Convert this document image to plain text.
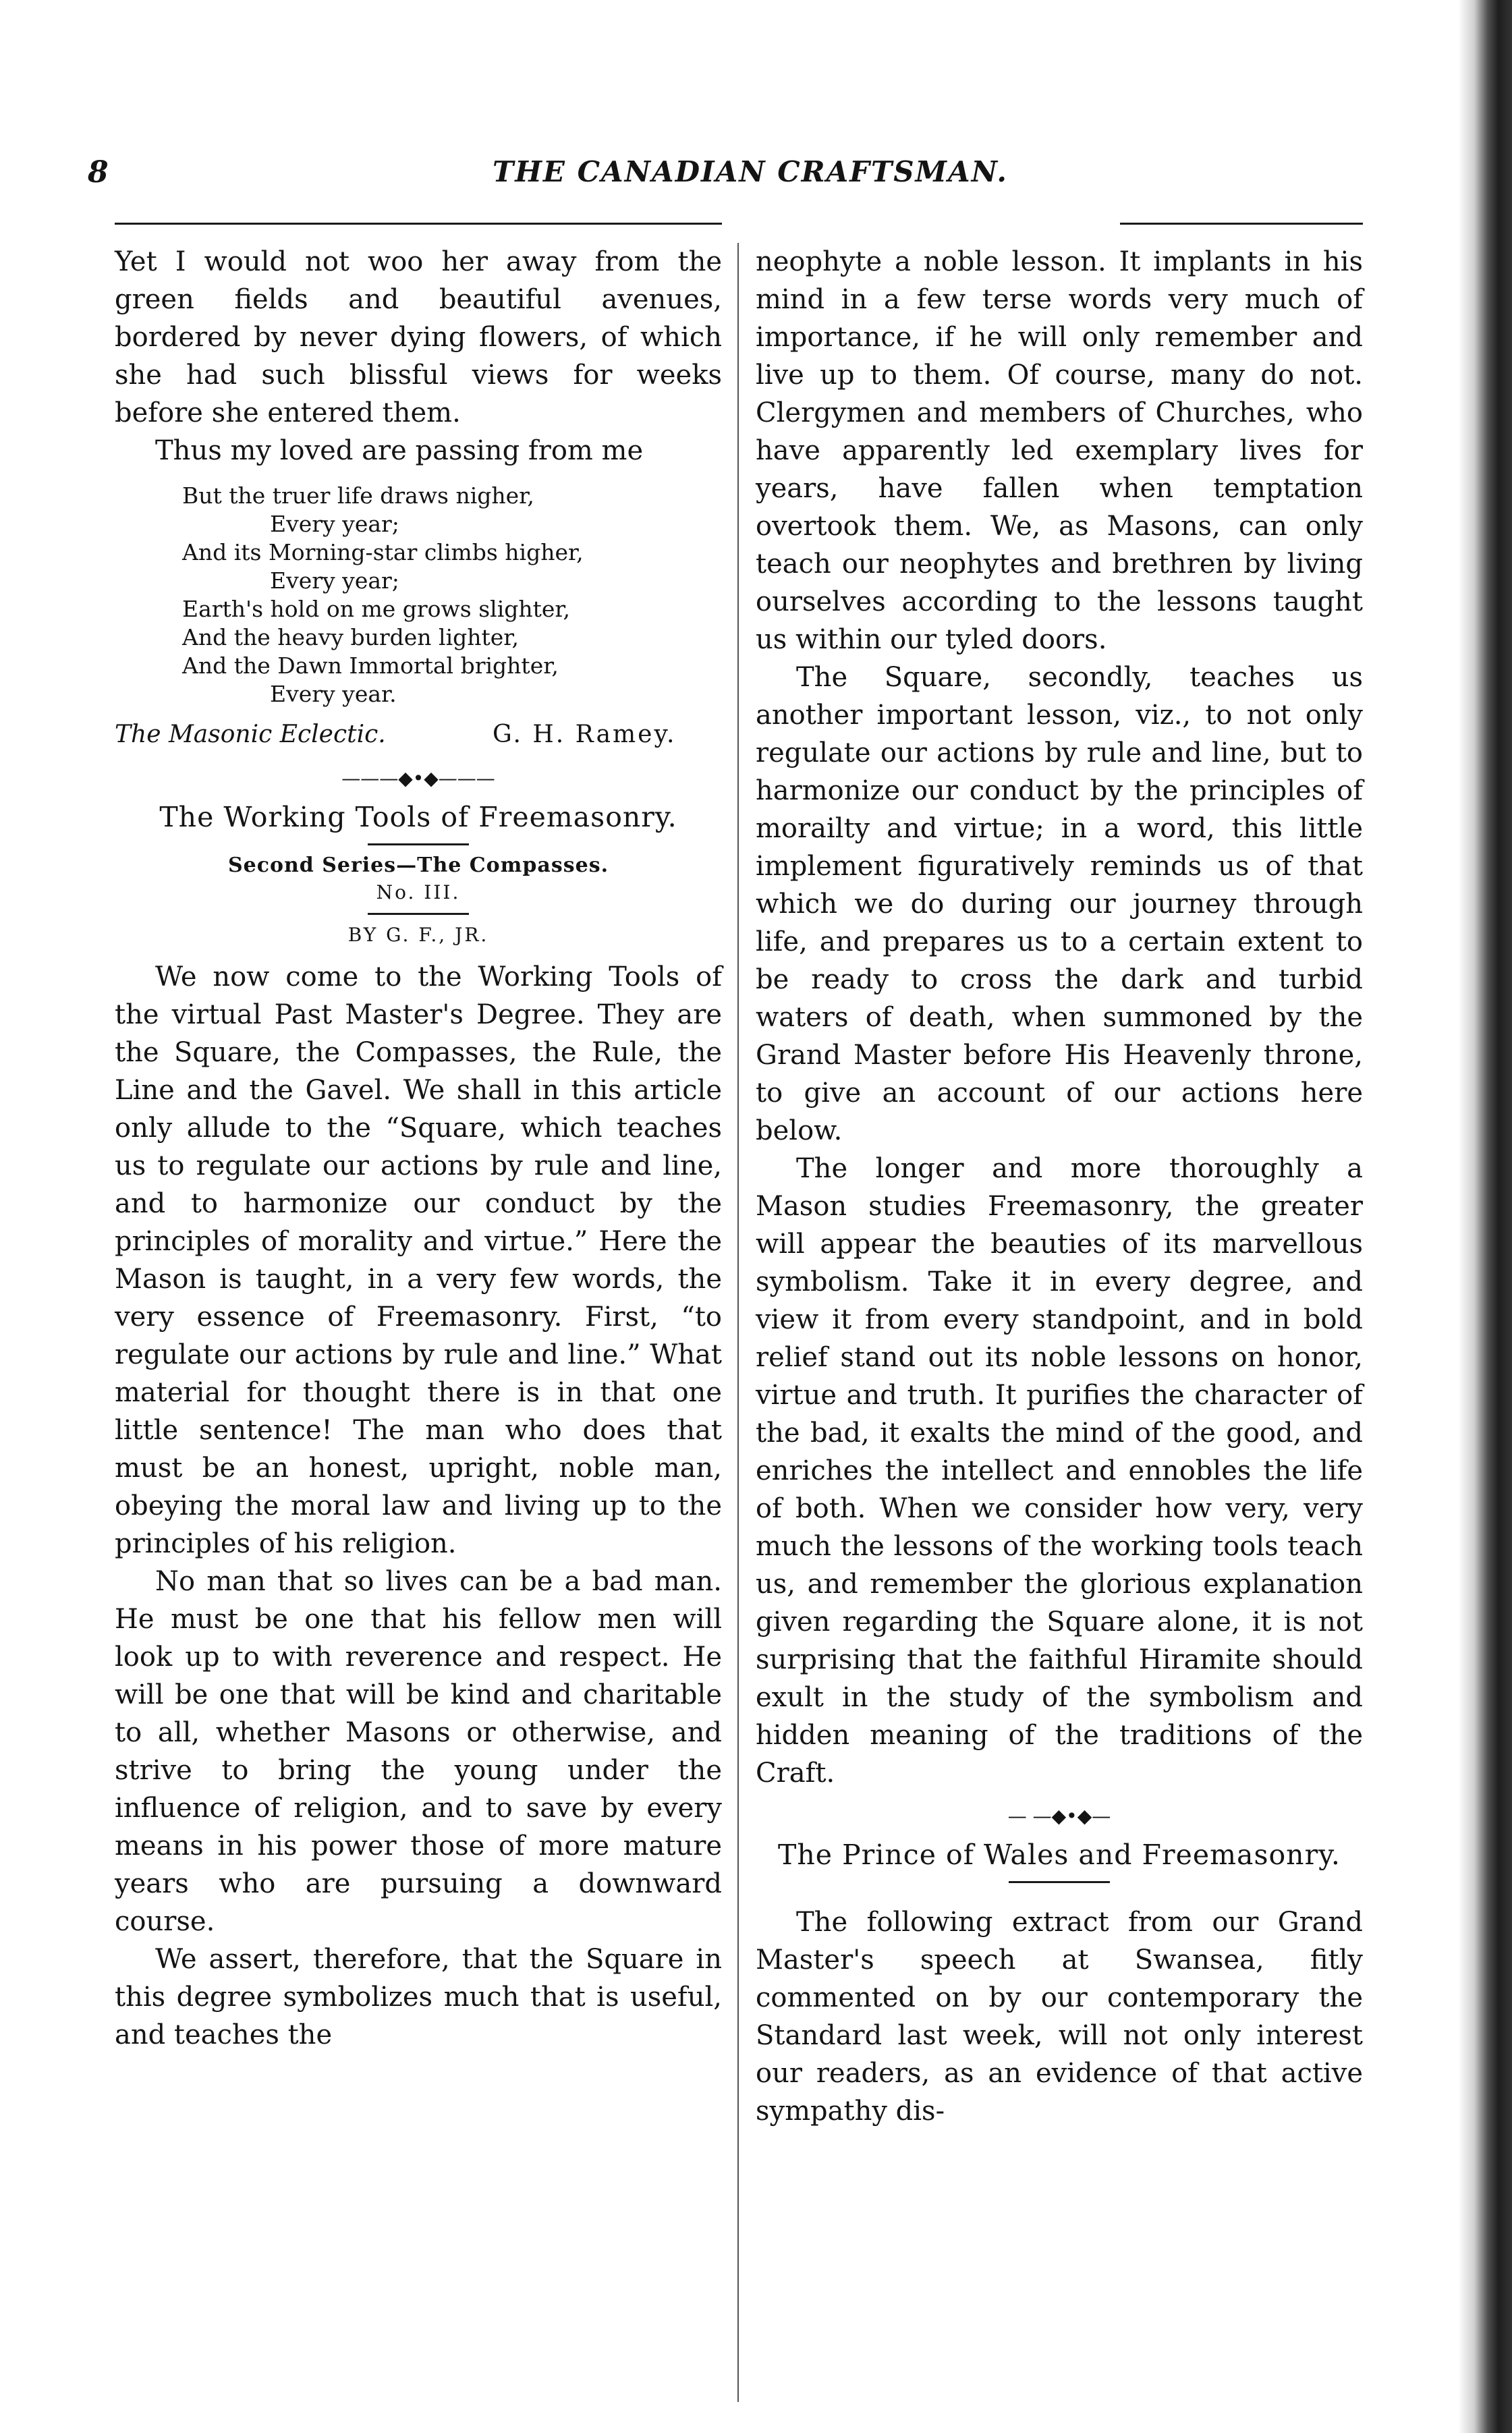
8	THE CANADIAN CRAFTSMAN.

Yet I would not woo her away from the green fields and beautiful avenues, bordered by never dying flowers, of which she had such blissful views for weeks before she entered them.

Thus my loved are passing from me

But the truer life draws nigher,
Every year;
And its Morning-star climbs higher,
Every year;
Earth's hold on me grows slighter,
And the heavy burden lighter,
And the Dawn Immortal brighter,
Every year.
The Masonic Eclectic.	G. H. Ramey.
———◆•◆———
The Working Tools of Freemasonry.
Second Series—The Compasses.
No. III.
BY G. F., JR.

We now come to the Working Tools of the virtual Past Master's Degree. They are the Square, the Compasses, the Rule, the Line and the Gavel. We shall in this article only allude to the “Square, which teaches us to regulate our actions by rule and line, and to harmonize our conduct by the principles of morality and virtue.” Here the Mason is taught, in a very few words, the very essence of Freemasonry. First, “to regulate our actions by rule and line.” What material for thought there is in that one little sentence! The man who does that must be an honest, upright, noble man, obeying the moral law and living up to the principles of his religion.

No man that so lives can be a bad man. He must be one that his fellow men will look up to with reverence and respect. He will be one that will be kind and charitable to all, whether Masons or otherwise, and strive to bring the young under the influence of religion, and to save by every means in his power those of more mature years who are pursuing a downward course.

We assert, therefore, that the Square in this degree symbolizes much that is useful, and teaches the

neophyte a noble lesson. It implants in his mind in a few terse words very much of importance, if he will only remember and live up to them. Of course, many do not. Clergymen and members of Churches, who have apparently led exemplary lives for years, have fallen when temptation overtook them. We, as Masons, can only teach our neophytes and brethren by living ourselves according to the lessons taught us within our tyled doors.

The Square, secondly, teaches us another important lesson, viz., to not only regulate our actions by rule and line, but to harmonize our conduct by the principles of morailty and virtue; in a word, this little implement figuratively reminds us of that which we do during our journey through life, and prepares us to a certain extent to be ready to cross the dark and turbid waters of death, when summoned by the Grand Master before His Heavenly throne, to give an account of our actions here below.

The longer and more thoroughly a Mason studies Freemasonry, the greater will appear the beauties of its marvellous symbolism. Take it in every degree, and view it from every standpoint, and in bold relief stand out its noble lessons on honor, virtue and truth. It purifies the character of the bad, it exalts the mind of the good, and enriches the intellect and ennobles the life of both. When we consider how very, very much the lessons of the working tools teach us, and remember the glorious explanation given regarding the Square alone, it is not surprising that the faithful Hiramite should exult in the study of the symbolism and hidden meaning of the traditions of the Craft.

— —◆•◆—
The Prince of Wales and Freemasonry.

The following extract from our Grand Master's speech at Swansea, fitly commented on by our contemporary the Standard last week, will not only interest our readers, as an evidence of that active sympathy dis-
